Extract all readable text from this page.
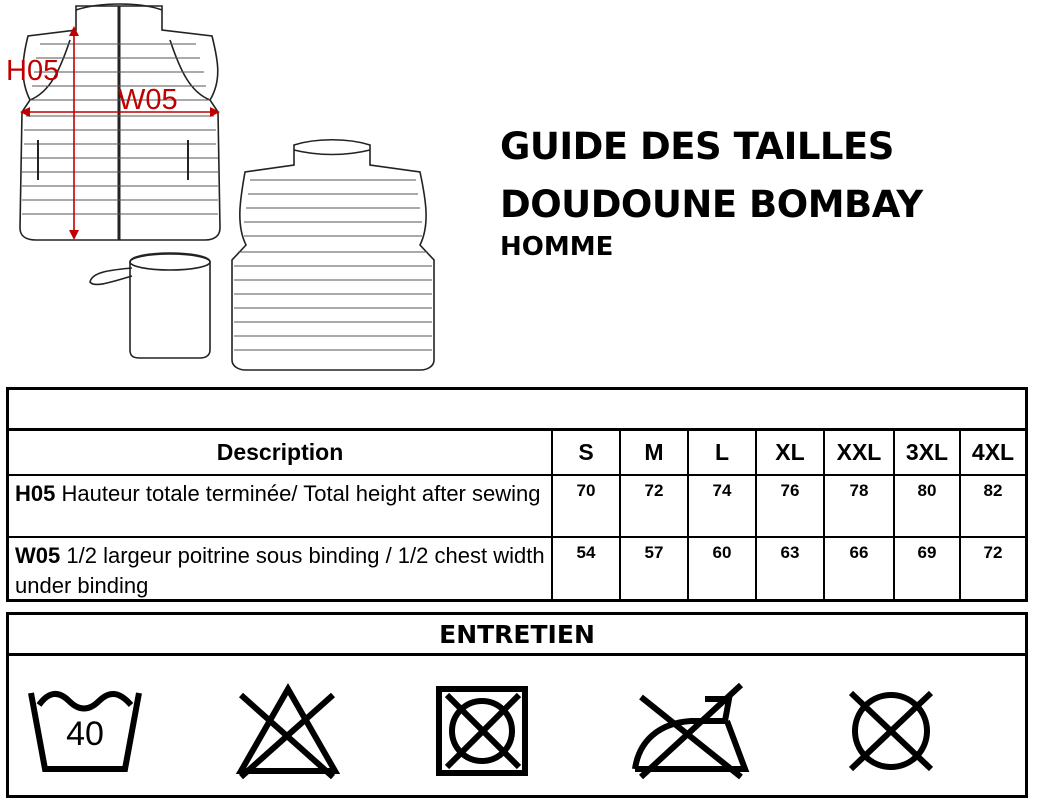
H05
W05
GUIDE DES TAILLES
DOUDOUNE BOMBAY
HOMME
Description	S	M	L	XL	XXL	3XL	4XL
H05 Hauteur totale terminée/ Total height after sewing	70	72	74	76	78	80	82
W05 1/2 largeur poitrine sous binding / 1/2 chest width under binding	54	57	60	63	66	69	72
ENTRETIEN
40
